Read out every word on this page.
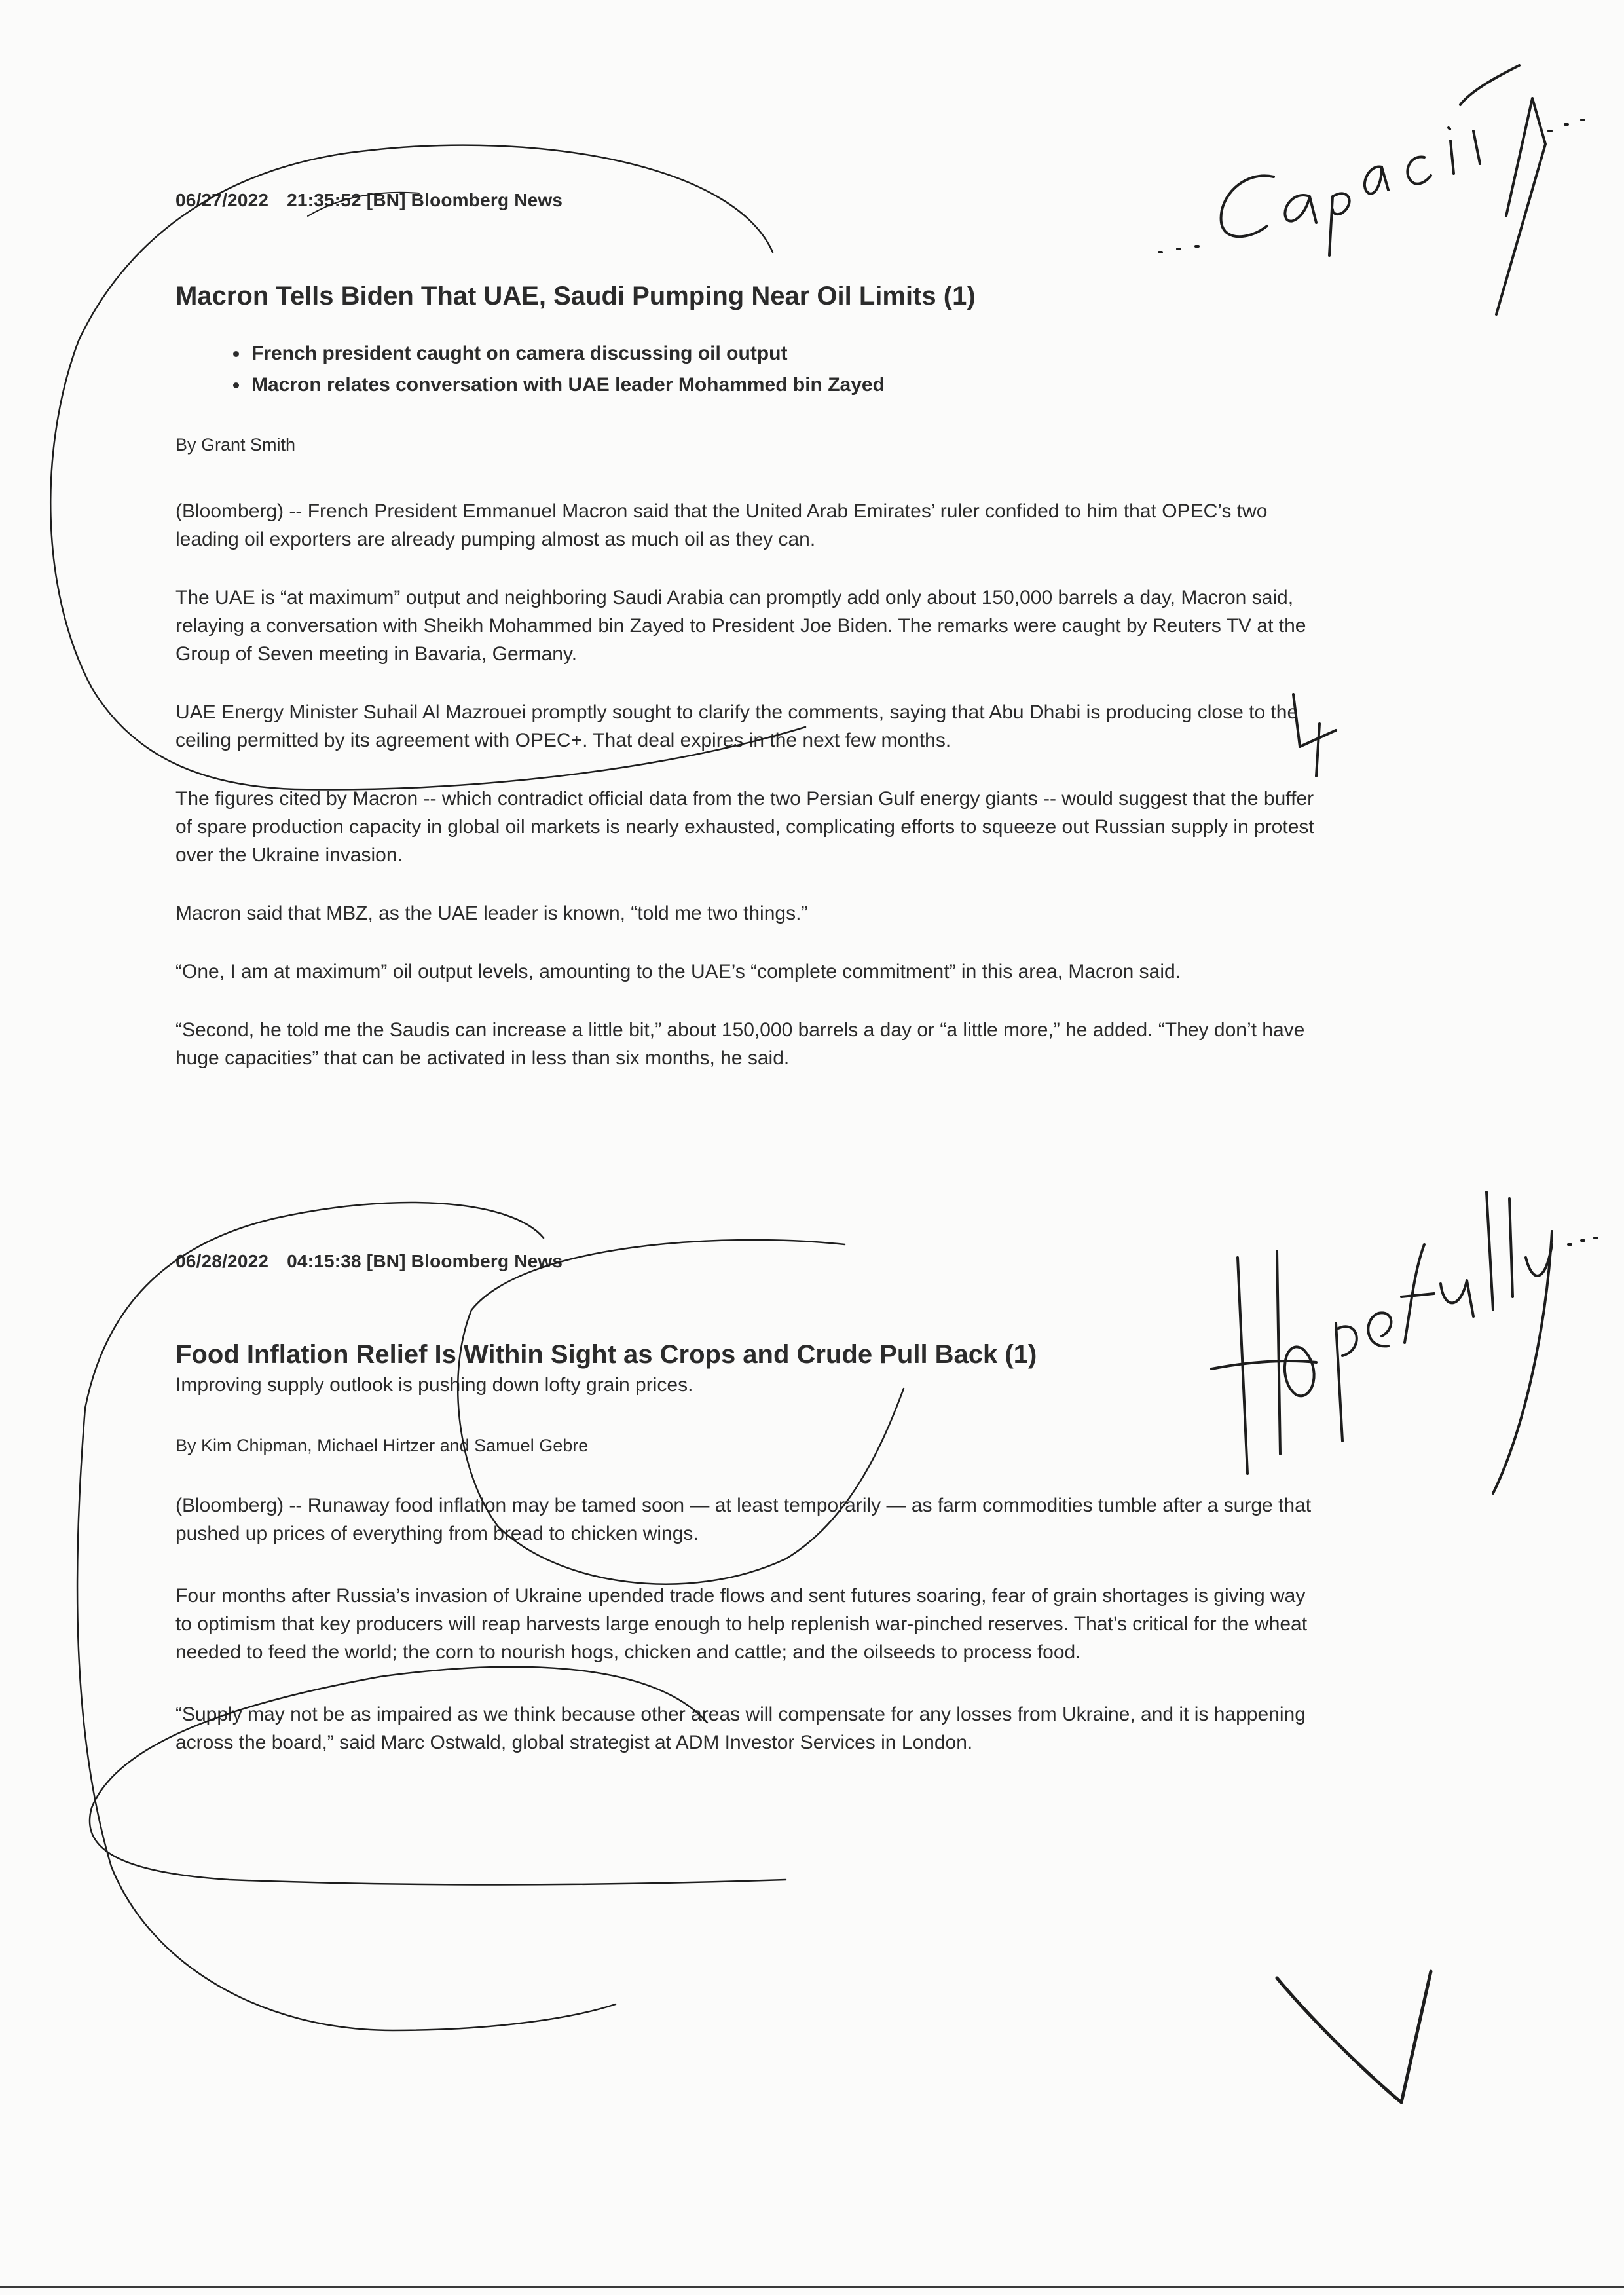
06/27/2022 21:35:52 [BN] Bloomberg News

Macron Tells Biden That UAE, Saudi Pumping Near Oil Limits (1)
• French president caught on camera discussing oil output
• Macron relates conversation with UAE leader Mohammed bin Zayed

By Grant Smith

(Bloomberg) -- French President Emmanuel Macron said that the United Arab Emirates’ ruler confided to him that OPEC’s two leading oil exporters are already pumping almost as much oil as they can.

The UAE is “at maximum” output and neighboring Saudi Arabia can promptly add only about 150,000 barrels a day, Macron said, relaying a conversation with Sheikh Mohammed bin Zayed to President Joe Biden. The remarks were caught by Reuters TV at the Group of Seven meeting in Bavaria, Germany.

UAE Energy Minister Suhail Al Mazrouei promptly sought to clarify the comments, saying that Abu Dhabi is producing close to the ceiling permitted by its agreement with OPEC+. That deal expires in the next few months.

The figures cited by Macron -- which contradict official data from the two Persian Gulf energy giants -- would suggest that the buffer of spare production capacity in global oil markets is nearly exhausted, complicating efforts to squeeze out Russian supply in protest over the Ukraine invasion.

Macron said that MBZ, as the UAE leader is known, “told me two things.”

“One, I am at maximum” oil output levels, amounting to the UAE’s “complete commitment” in this area, Macron said.

“Second, he told me the Saudis can increase a little bit,” about 150,000 barrels a day or “a little more,” he added. “They don’t have huge capacities” that can be activated in less than six months, he said.

06/28/2022 04:15:38 [BN] Bloomberg News

Food Inflation Relief Is Within Sight as Crops and Crude Pull Back (1)

Improving supply outlook is pushing down lofty grain prices.

By Kim Chipman, Michael Hirtzer and Samuel Gebre

(Bloomberg) -- Runaway food inflation may be tamed soon — at least temporarily — as farm commodities tumble after a surge that pushed up prices of everything from bread to chicken wings.

Four months after Russia’s invasion of Ukraine upended trade flows and sent futures soaring, fear of grain shortages is giving way to optimism that key producers will reap harvests large enough to help replenish war-pinched reserves. That’s critical for the wheat needed to feed the world; the corn to nourish hogs, chicken and cattle; and the oilseeds to process food.

“Supply may not be as impaired as we think because other areas will compensate for any losses from Ukraine, and it is happening across the board,” said Marc Ostwald, global strategist at ADM Investor Services in London.
